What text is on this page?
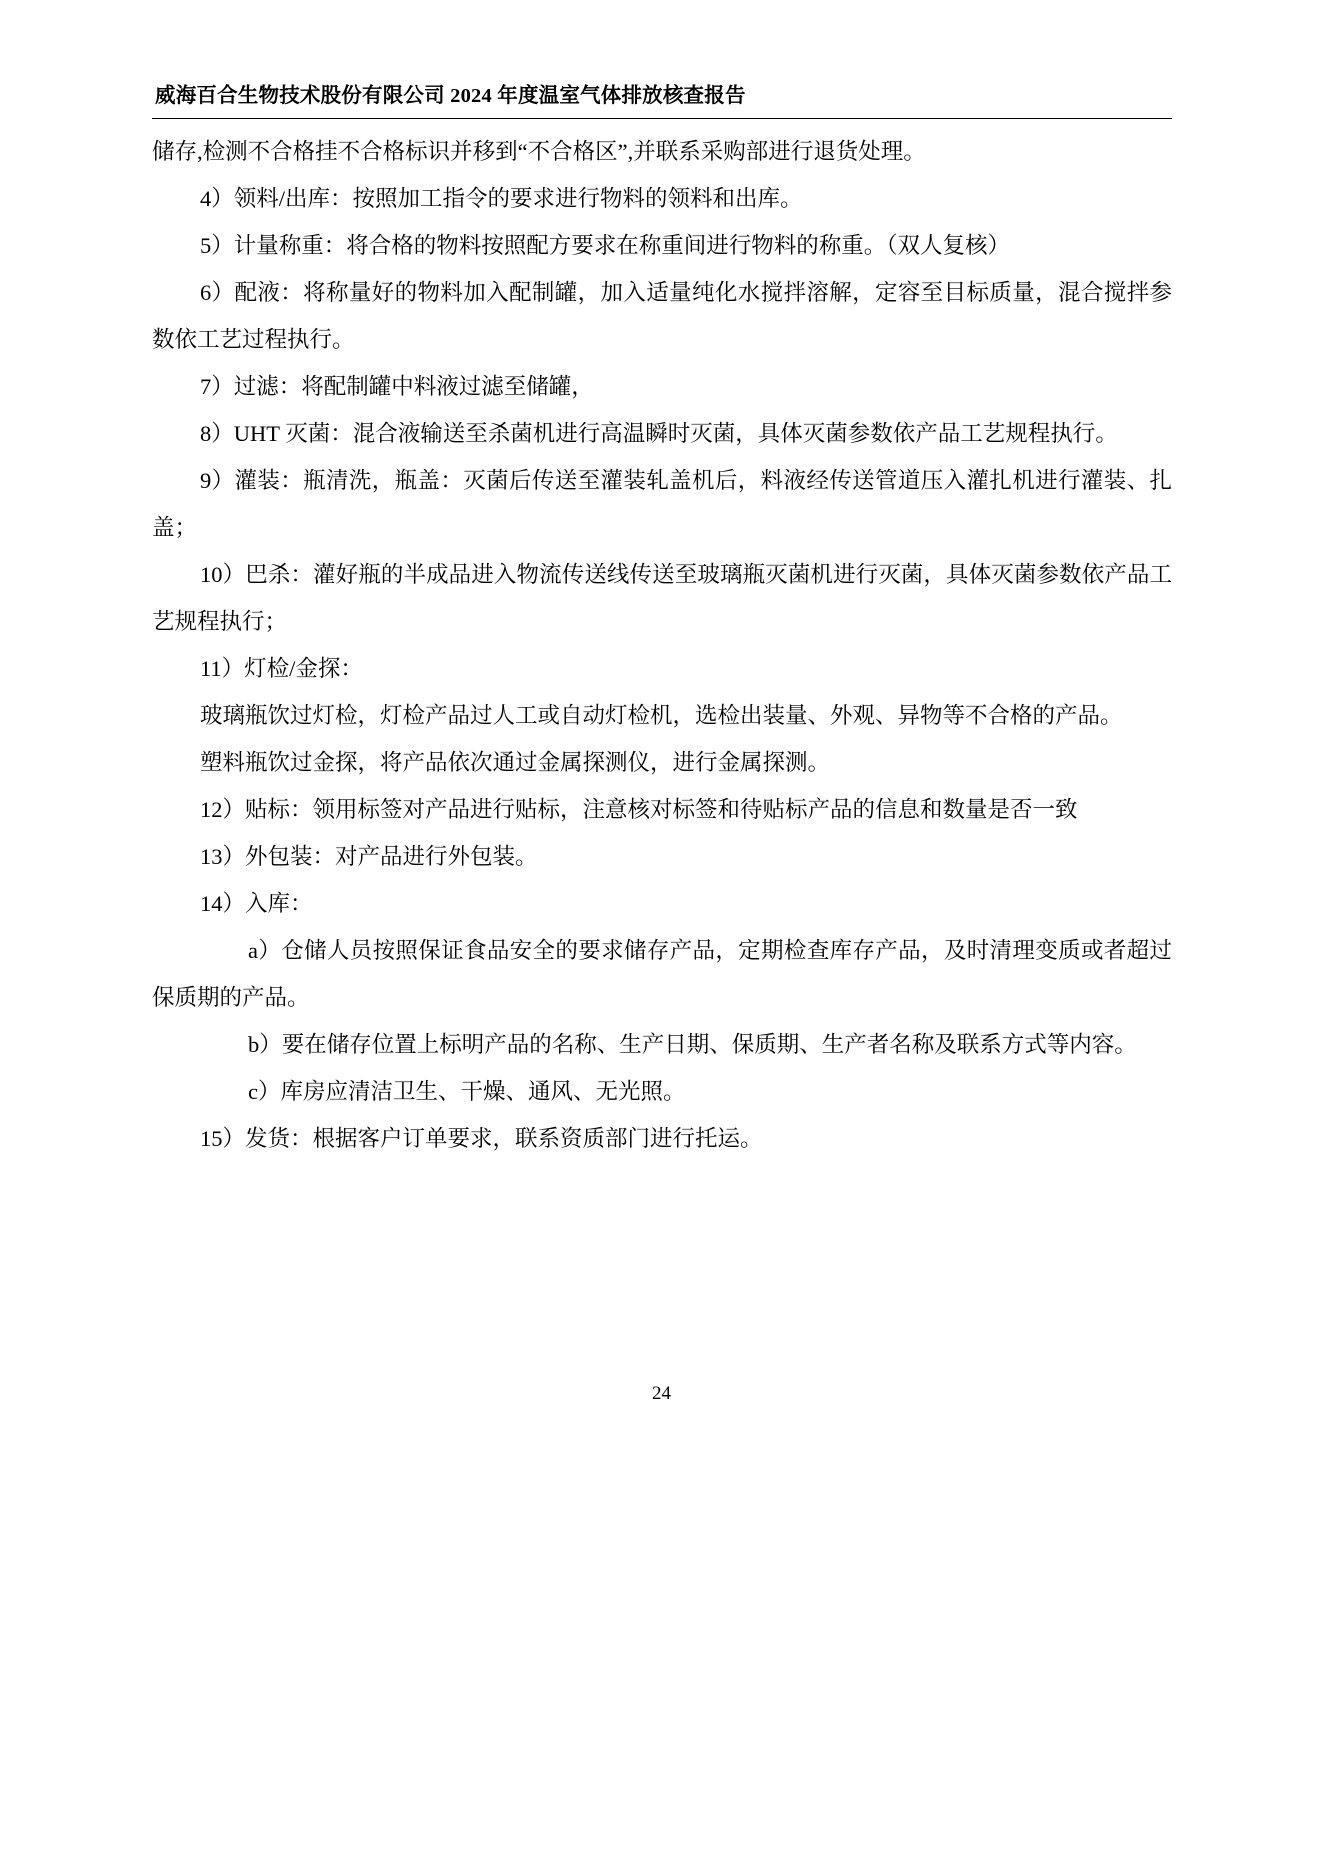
威海百合生物技术股份有限公司 2024 年度温室气体排放核查报告

储存,检测不合格挂不合格标识并移到“不合格区”,并联系采购部进行退货处理。

4）领料/出库：按照加工指令的要求进行物料的领料和出库。

5）计量称重：将合格的物料按照配方要求在称重间进行物料的称重。（双人复核）

6）配液：将称量好的物料加入配制罐，加入适量纯化水搅拌溶解，定容至目标质量，混合搅拌参数依工艺过程执行。

7）过滤：将配制罐中料液过滤至储罐，

8）UHT 灭菌：混合液输送至杀菌机进行高温瞬时灭菌，具体灭菌参数依产品工艺规程执行。

9）灌装：瓶清洗，瓶盖：灭菌后传送至灌装轧盖机后，料液经传送管道压入灌扎机进行灌装、扎盖；

10）巴杀：灌好瓶的半成品进入物流传送线传送至玻璃瓶灭菌机进行灭菌，具体灭菌参数依产品工艺规程执行；

11）灯检/金探：

玻璃瓶饮过灯检，灯检产品过人工或自动灯检机，选检出装量、外观、异物等不合格的产品。

塑料瓶饮过金探，将产品依次通过金属探测仪，进行金属探测。

12）贴标：领用标签对产品进行贴标，注意核对标签和待贴标产品的信息和数量是否一致

13）外包装：对产品进行外包装。

14）入库：

a）仓储人员按照保证食品安全的要求储存产品，定期检查库存产品，及时清理变质或者超过保质期的产品。

b）要在储存位置上标明产品的名称、生产日期、保质期、生产者名称及联系方式等内容。

c）库房应清洁卫生、干燥、通风、无光照。

15）发货：根据客户订单要求，联系资质部门进行托运。

24
